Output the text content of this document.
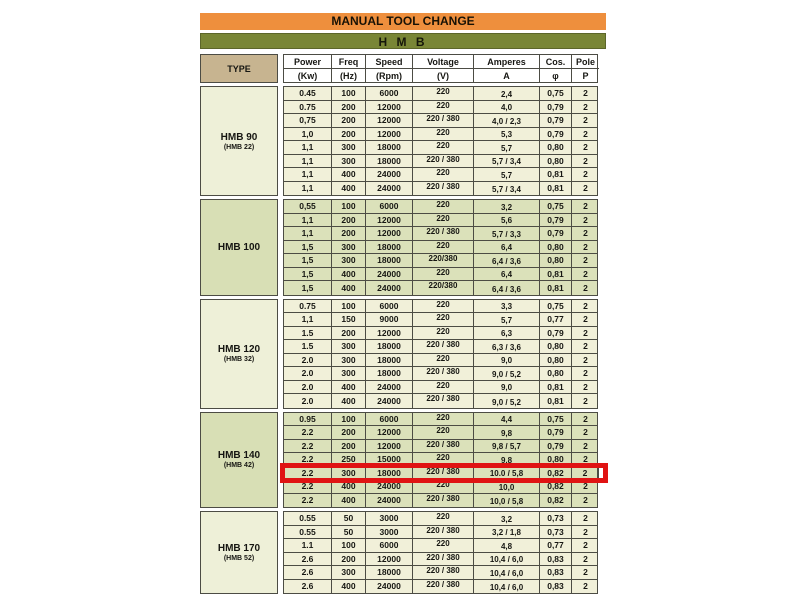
MANUAL TOOL CHANGE
H M B
TYPE
Power	Freq	Speed	Voltage	Amperes	Cos.	Pole
(Kw)	(Hz)	(Rpm)	(V)	A	φ	P
HMB 90
(HMB 22)
0.45	100	6000	220	2,4	0,75	2
0.75	200	12000	220	4,0	0,79	2
0,75	200	12000	220 / 380	4,0 / 2,3	0,79	2
1,0	200	12000	220	5,3	0,79	2
1,1	300	18000	220	5,7	0,80	2
1,1	300	18000	220 / 380	5,7 / 3,4	0,80	2
1,1	400	24000	220	5,7	0,81	2
1,1	400	24000	220 / 380	5,7 / 3,4	0,81	2
HMB 100
0,55	100	6000	220	3,2	0,75	2
1,1	200	12000	220	5,6	0,79	2
1,1	200	12000	220 / 380	5,7 / 3,3	0,79	2
1,5	300	18000	220	6,4	0,80	2
1,5	300	18000	220/380	6,4 / 3,6	0,80	2
1,5	400	24000	220	6,4	0,81	2
1,5	400	24000	220/380	6,4 / 3,6	0,81	2
HMB 120
(HMB 32)
0.75	100	6000	220	3,3	0,75	2
1,1	150	9000	220	5,7	0,77	2
1.5	200	12000	220	6,3	0,79	2
1.5	300	18000	220 / 380	6,3 / 3,6	0,80	2
2.0	300	18000	220	9,0	0,80	2
2.0	300	18000	220 / 380	9,0 / 5,2	0,80	2
2.0	400	24000	220	9,0	0,81	2
2.0	400	24000	220 / 380	9,0 / 5,2	0,81	2
HMB 140
(HMB 42)
0.95	100	6000	220	4,4	0,75	2
2.2	200	12000	220	9,8	0,79	2
2.2	200	12000	220 / 380	9,8 / 5,7	0,79	2
2.2	250	15000	220	9,8	0,80	2
2.2	300	18000	220 / 380	10.0 / 5,8	0,82	2
2.2	400	24000	220	10,0	0,82	2
2.2	400	24000	220 / 380	10,0 / 5,8	0,82	2
HMB 170
(HMB 52)
0.55	50	3000	220	3,2	0,73	2
0.55	50	3000	220 / 380	3,2 / 1,8	0,73	2
1.1	100	6000	220	4,8	0,77	2
2.6	200	12000	220 / 380	10,4 / 6,0	0,83	2
2.6	300	18000	220 / 380	10,4 / 6,0	0,83	2
2.6	400	24000	220 / 380	10,4 / 6,0	0,83	2
